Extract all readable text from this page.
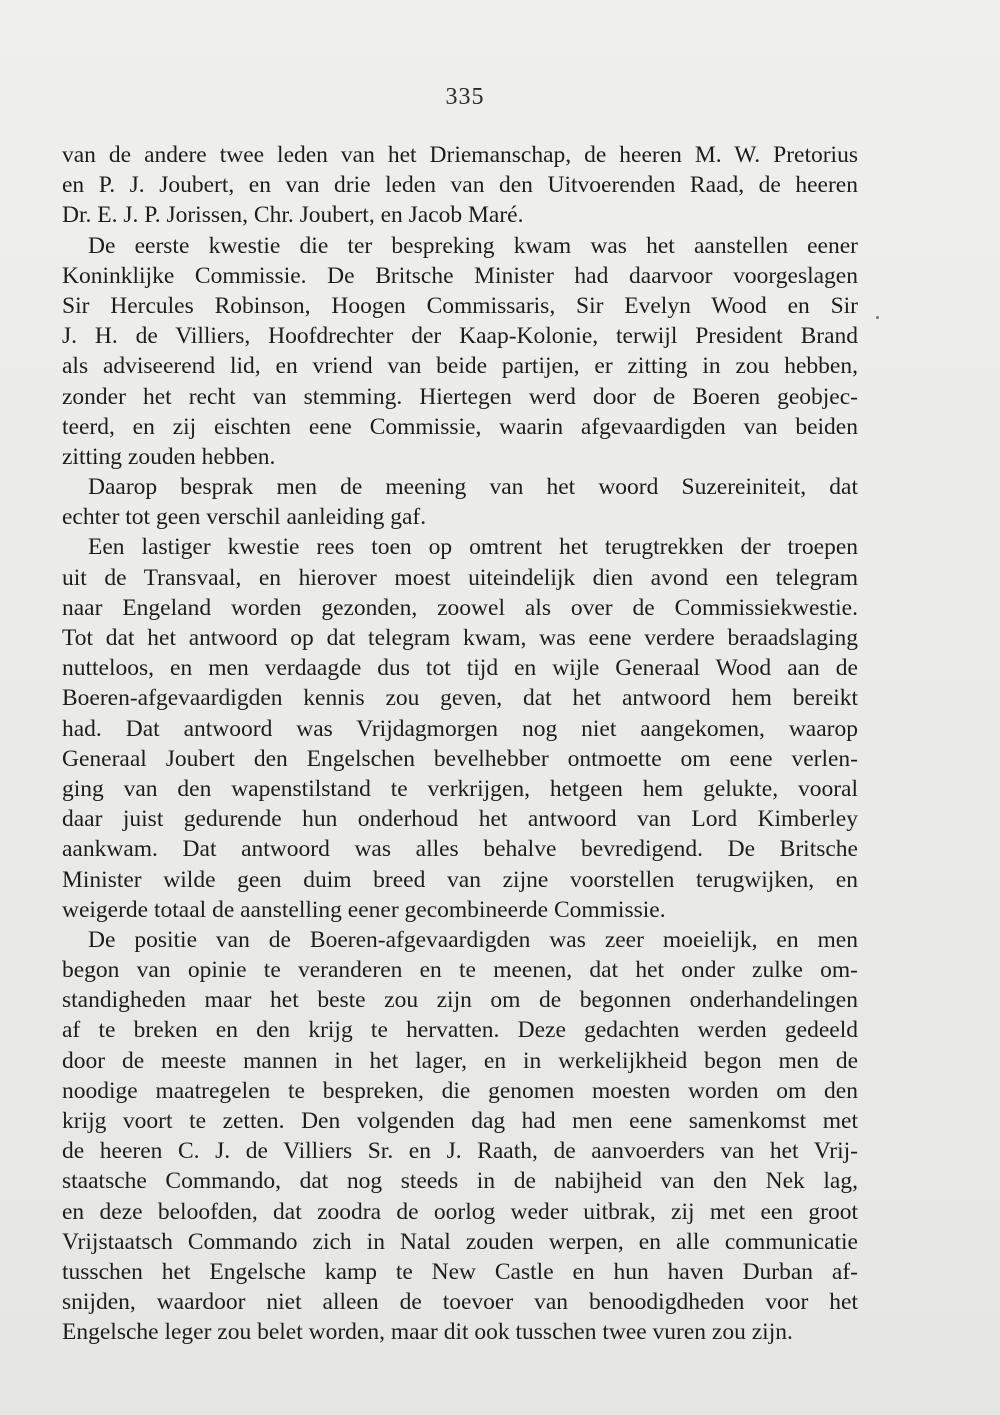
335
van de andere twee leden van het Driemanschap, de heeren M. W. Pretorius
en P. J. Joubert, en van drie leden van den Uitvoerenden Raad, de heeren
Dr. E. J. P. Jorissen, Chr. Joubert, en Jacob Maré.
De eerste kwestie die ter bespreking kwam was het aanstellen eener
Koninklijke Commissie. De Britsche Minister had daarvoor voorgeslagen
Sir Hercules Robinson, Hoogen Commissaris, Sir Evelyn Wood en Sir
J. H. de Villiers, Hoofdrechter der Kaap-Kolonie, terwijl President Brand
als adviseerend lid, en vriend van beide partijen, er zitting in zou hebben,
zonder het recht van stemming. Hiertegen werd door de Boeren geobjec-
teerd, en zij eischten eene Commissie, waarin afgevaardigden van beiden
zitting zouden hebben.
Daarop besprak men de meening van het woord Suzereiniteit, dat
echter tot geen verschil aanleiding gaf.
Een lastiger kwestie rees toen op omtrent het terugtrekken der troepen
uit de Transvaal, en hierover moest uiteindelijk dien avond een telegram
naar Engeland worden gezonden, zoowel als over de Commissiekwestie.
Tot dat het antwoord op dat telegram kwam, was eene verdere beraadslaging
nutteloos, en men verdaagde dus tot tijd en wijle Generaal Wood aan de
Boeren-afgevaardigden kennis zou geven, dat het antwoord hem bereikt
had. Dat antwoord was Vrijdagmorgen nog niet aangekomen, waarop
Generaal Joubert den Engelschen bevelhebber ontmoette om eene verlen-
ging van den wapenstilstand te verkrijgen, hetgeen hem gelukte, vooral
daar juist gedurende hun onderhoud het antwoord van Lord Kimberley
aankwam. Dat antwoord was alles behalve bevredigend. De Britsche
Minister wilde geen duim breed van zijne voorstellen terugwijken, en
weigerde totaal de aanstelling eener gecombineerde Commissie.
De positie van de Boeren-afgevaardigden was zeer moeielijk, en men
begon van opinie te veranderen en te meenen, dat het onder zulke om-
standigheden maar het beste zou zijn om de begonnen onderhandelingen
af te breken en den krijg te hervatten. Deze gedachten werden gedeeld
door de meeste mannen in het lager, en in werkelijkheid begon men de
noodige maatregelen te bespreken, die genomen moesten worden om den
krijg voort te zetten. Den volgenden dag had men eene samenkomst met
de heeren C. J. de Villiers Sr. en J. Raath, de aanvoerders van het Vrij-
staatsche Commando, dat nog steeds in de nabijheid van den Nek lag,
en deze beloofden, dat zoodra de oorlog weder uitbrak, zij met een groot
Vrijstaatsch Commando zich in Natal zouden werpen, en alle communicatie
tusschen het Engelsche kamp te New Castle en hun haven Durban af-
snijden, waardoor niet alleen de toevoer van benoodigdheden voor het
Engelsche leger zou belet worden, maar dit ook tusschen twee vuren zou zijn.
